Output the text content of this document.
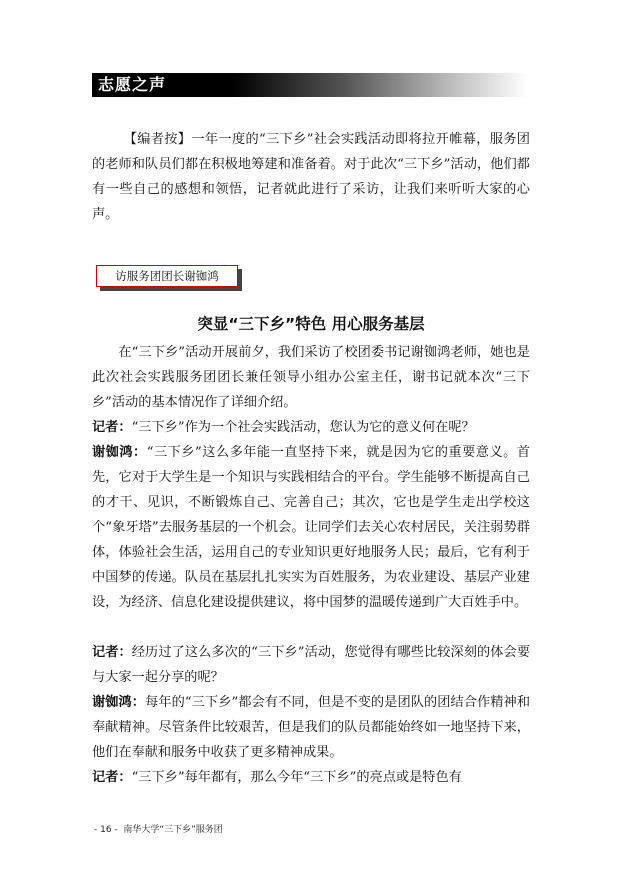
志愿之声

【编者按】一年一度的“三下乡”社会实践活动即将拉开帷幕，服务团的老师和队员们都在积极地筹建和准备着。对于此次“三下乡”活动，他们都有一些自己的感想和领悟，记者就此进行了采访，让我们来听听大家的心声。

访服务团团长谢铷鸿
突显“三下乡”特色 用心服务基层

在“三下乡”活动开展前夕，我们采访了校团委书记谢铷鸿老师，她也是此次社会实践服务团团长兼任领导小组办公室主任，谢书记就本次“三下乡”活动的基本情况作了详细介绍。

记者：“三下乡”作为一个社会实践活动，您认为它的意义何在呢？

谢铷鸿：“三下乡”这么多年能一直坚持下来，就是因为它的重要意义。首先，它对于大学生是一个知识与实践相结合的平台。学生能够不断提高自己的才干、见识，不断锻炼自己、完善自己；其次，它也是学生走出学校这个“象牙塔”去服务基层的一个机会。让同学们去关心农村居民，关注弱势群体，体验社会生活，运用自己的专业知识更好地服务人民；最后，它有利于中国梦的传递。队员在基层扎扎实实为百姓服务，为农业建设、基层产业建设，为经济、信息化建设提供建议，将中国梦的温暖传递到广大百姓手中。

记者：经历过了这么多次的“三下乡”活动，您觉得有哪些比较深刻的体会要与大家一起分享的呢？

谢铷鸿：每年的“三下乡”都会有不同，但是不变的是团队的团结合作精神和奉献精神。尽管条件比较艰苦，但是我们的队员都能始终如一地坚持下来，他们在奉献和服务中收获了更多精神成果。

记者：“三下乡”每年都有，那么今年“三下乡”的亮点或是特色有

- 16 - 南华大学“三下乡”服务团
